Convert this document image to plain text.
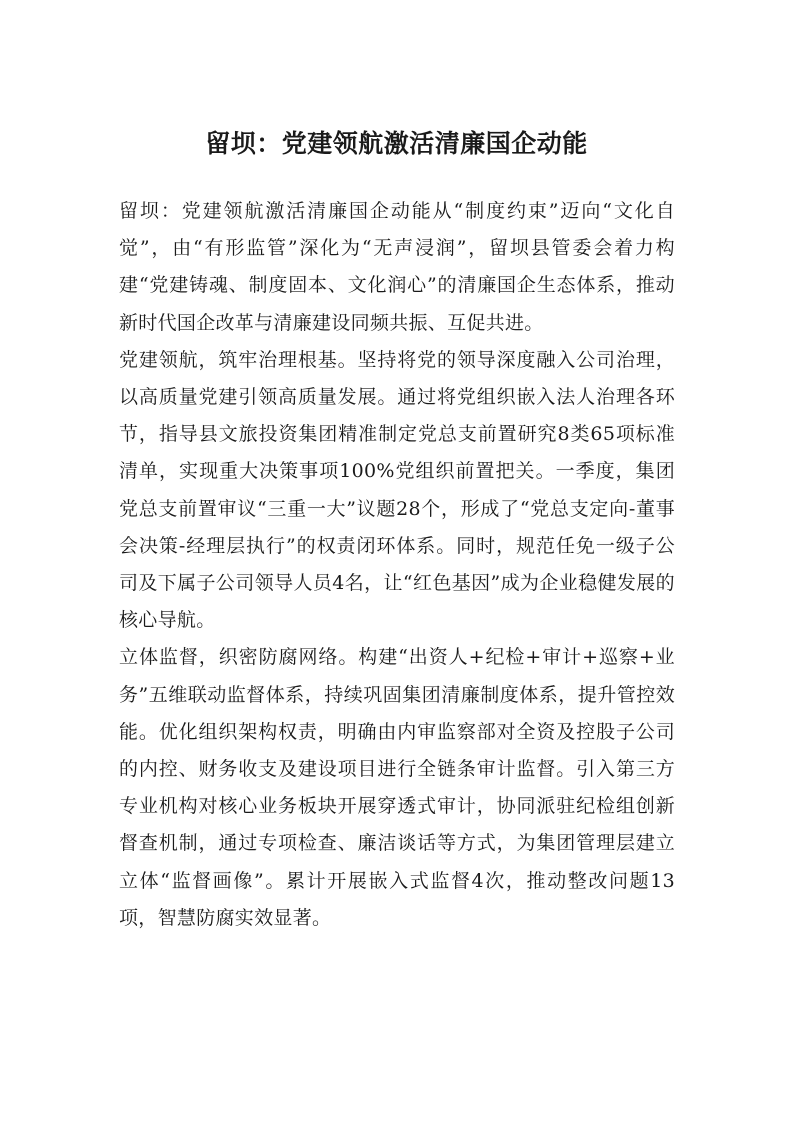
留坝：党建领航激活清廉国企动能

留坝：党建领航激活清廉国企动能从“制度约束”迈向“文化自觉”，由“有形监管”深化为“无声浸润”，留坝县管委会着力构建“党建铸魂、制度固本、文化润心”的清廉国企生态体系，推动新时代国企改革与清廉建设同频共振、互促共进。

党建领航，筑牢治理根基。坚持将党的领导深度融入公司治理，以高质量党建引领高质量发展。通过将党组织嵌入法人治理各环节，指导县文旅投资集团精准制定党总支前置研究8类65项标准清单，实现重大决策事项100%党组织前置把关。一季度，集团党总支前置审议“三重一大”议题28个，形成了“党总支定向-董事会决策-经理层执行”的权责闭环体系。同时，规范任免一级子公司及下属子公司领导人员4名，让“红色基因”成为企业稳健发展的核心导航。

立体监督，织密防腐网络。构建“出资人+纪检+审计+巡察+业务”五维联动监督体系，持续巩固集团清廉制度体系，提升管控效能。优化组织架构权责，明确由内审监察部对全资及控股子公司的内控、财务收支及建设项目进行全链条审计监督。引入第三方专业机构对核心业务板块开展穿透式审计，协同派驻纪检组创新督查机制，通过专项检查、廉洁谈话等方式，为集团管理层建立立体“监督画像”。累计开展嵌入式监督4次，推动整改问题13项，智慧防腐实效显著。
